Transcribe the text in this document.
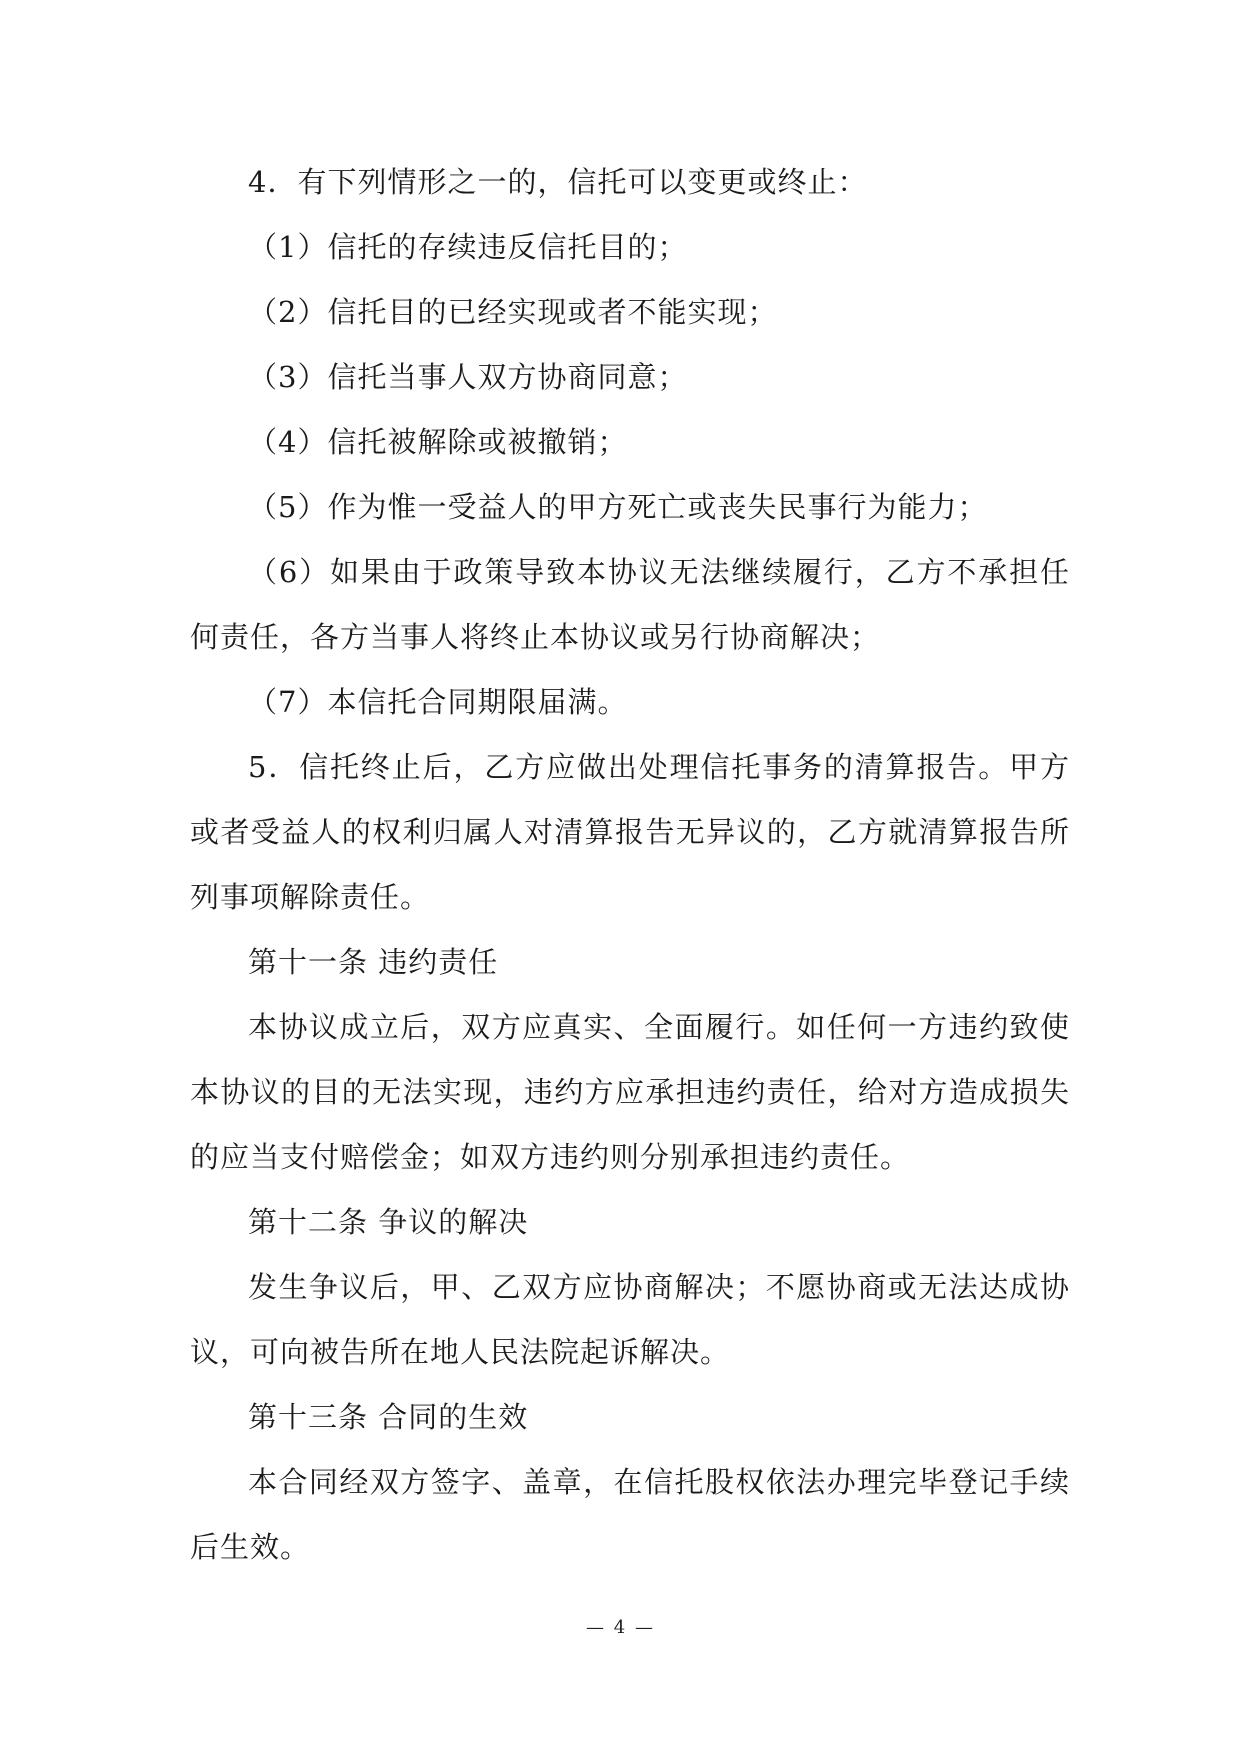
4．有下列情形之一的，信托可以变更或终止：

（1）信托的存续违反信托目的；

（2）信托目的已经实现或者不能实现；

（3）信托当事人双方协商同意；

（4）信托被解除或被撤销；

（5）作为惟一受益人的甲方死亡或丧失民事行为能力；

（6）如果由于政策导致本协议无法继续履行，乙方不承担任何责任，各方当事人将终止本协议或另行协商解决；

（7）本信托合同期限届满。

5．信托终止后，乙方应做出处理信托事务的清算报告。甲方或者受益人的权利归属人对清算报告无异议的，乙方就清算报告所列事项解除责任。

第十一条 违约责任

本协议成立后，双方应真实、全面履行。如任何一方违约致使本协议的目的无法实现，违约方应承担违约责任，给对方造成损失的应当支付赔偿金；如双方违约则分别承担违约责任。

第十二条 争议的解决

发生争议后，甲、乙双方应协商解决；不愿协商或无法达成协议，可向被告所在地人民法院起诉解决。

第十三条 合同的生效

本合同经双方签字、盖章，在信托股权依法办理完毕登记手续后生效。

— 4 —
